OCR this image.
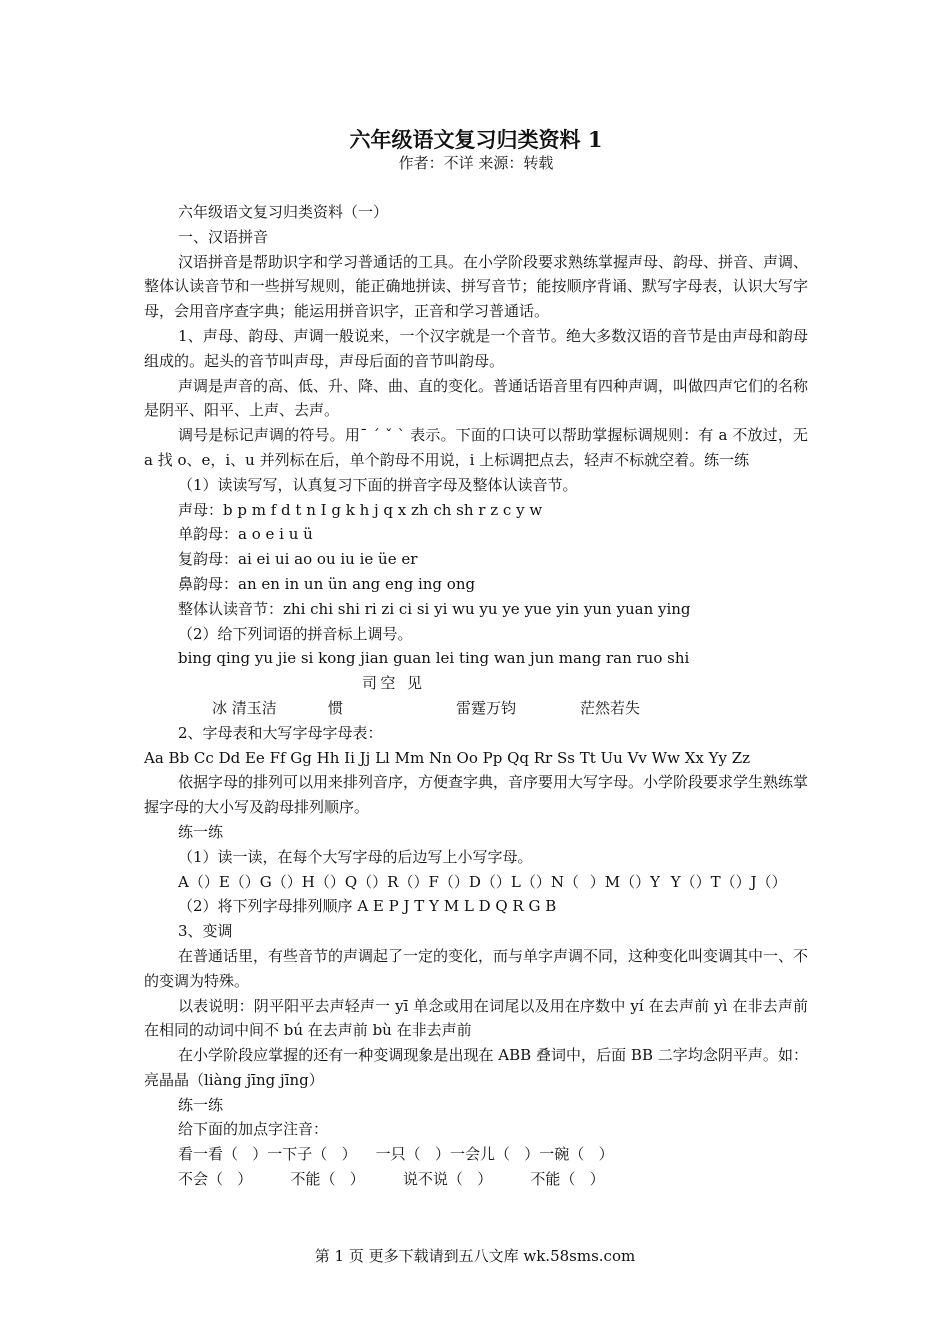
六年级语文复习归类资料 1
作者：不详 来源：转载

六年级语文复习归类资料（一）

一、汉语拼音

汉语拼音是帮助识字和学习普通话的工具。在小学阶段要求熟练掌握声母、韵母、拼音、声调、整体认读音节和一些拼写规则，能正确地拼读、拼写音节；能按顺序背诵、默写字母表，认识大写字母，会用音序查字典；能运用拼音识字，正音和学习普通话。

1、声母、韵母、声调一般说来，一个汉字就是一个音节。绝大多数汉语的音节是由声母和韵母组成的。起头的音节叫声母，声母后面的音节叫韵母。

声调是声音的高、低、升、降、曲、直的变化。普通话语音里有四种声调，叫做四声它们的名称是阴平、阳平、上声、去声。

调号是标记声调的符号。用ˉ ˊ ˇ ˋ 表示。下面的口诀可以帮助掌握标调规则：有 a 不放过，无 a 找 o、e，i、u 并列标在后，单个韵母不用说，i 上标调把点去，轻声不标就空着。练一练

（1）读读写写，认真复习下面的拼音字母及整体认读音节。

声母：b p m f d t n I g k h j q x zh ch sh r z c y w

单韵母：a o e i u ü

复韵母：ai ei ui ao ou iu ie üe er

鼻韵母：an en in un ün ang eng ing ong

整体认读音节：zhi chi shi ri zi ci si yi wu yu ye yue yin yun yuan ying

（2）给下列词语的拼音标上调号。

bing qing yu jie si kong jian guan lei ting wan jun mang ran ruo shi

冰 清玉洁司空 见惯	雷霆万钧	茫然若失

2、字母表和大写字母字母表：

Aa Bb Cc Dd Ee Ff Gg Hh Ii Jj Ll Mm Nn Oo Pp Qq Rr Ss Tt Uu Vv Ww Xx Yy Zz

依据字母的排列可以用来排列音序，方便查字典，音序要用大写字母。小学阶段要求学生熟练掌握字母的大小写及韵母排列顺序。

练一练

（1）读一读，在每个大写字母的后边写上小写字母。

A（）E（）G（）H（）Q（）R（）F（）D（）L（）N（ ）M（）Y Y（）T（）J（）

（2）将下列字母排列顺序 A E P J T Y M L D Q R G B

3、变调

在普通话里，有些音节的声调起了一定的变化，而与单字声调不同，这种变化叫变调其中一、不的变调为特殊。

以表说明：阴平阳平去声轻声一 yī 单念或用在词尾以及用在序数中 yí 在去声前 yì 在非去声前在相同的动词中间不 bú 在去声前 bù 在非去声前

在小学阶段应掌握的还有一种变调现象是出现在 ABB 叠词中，后面 BB 二字均念阴平声。如：亮晶晶（liàng jīng jīng）

练一练

给下面的加点字注音：

看一看（   ）一下子（   ）    一只（   ）一会儿（   ）一碗（   ）

不会（   ）        不能（   ）        说不说（   ）        不能（   ）

第 1 页 更多下载请到五八文库 wk.58sms.com
